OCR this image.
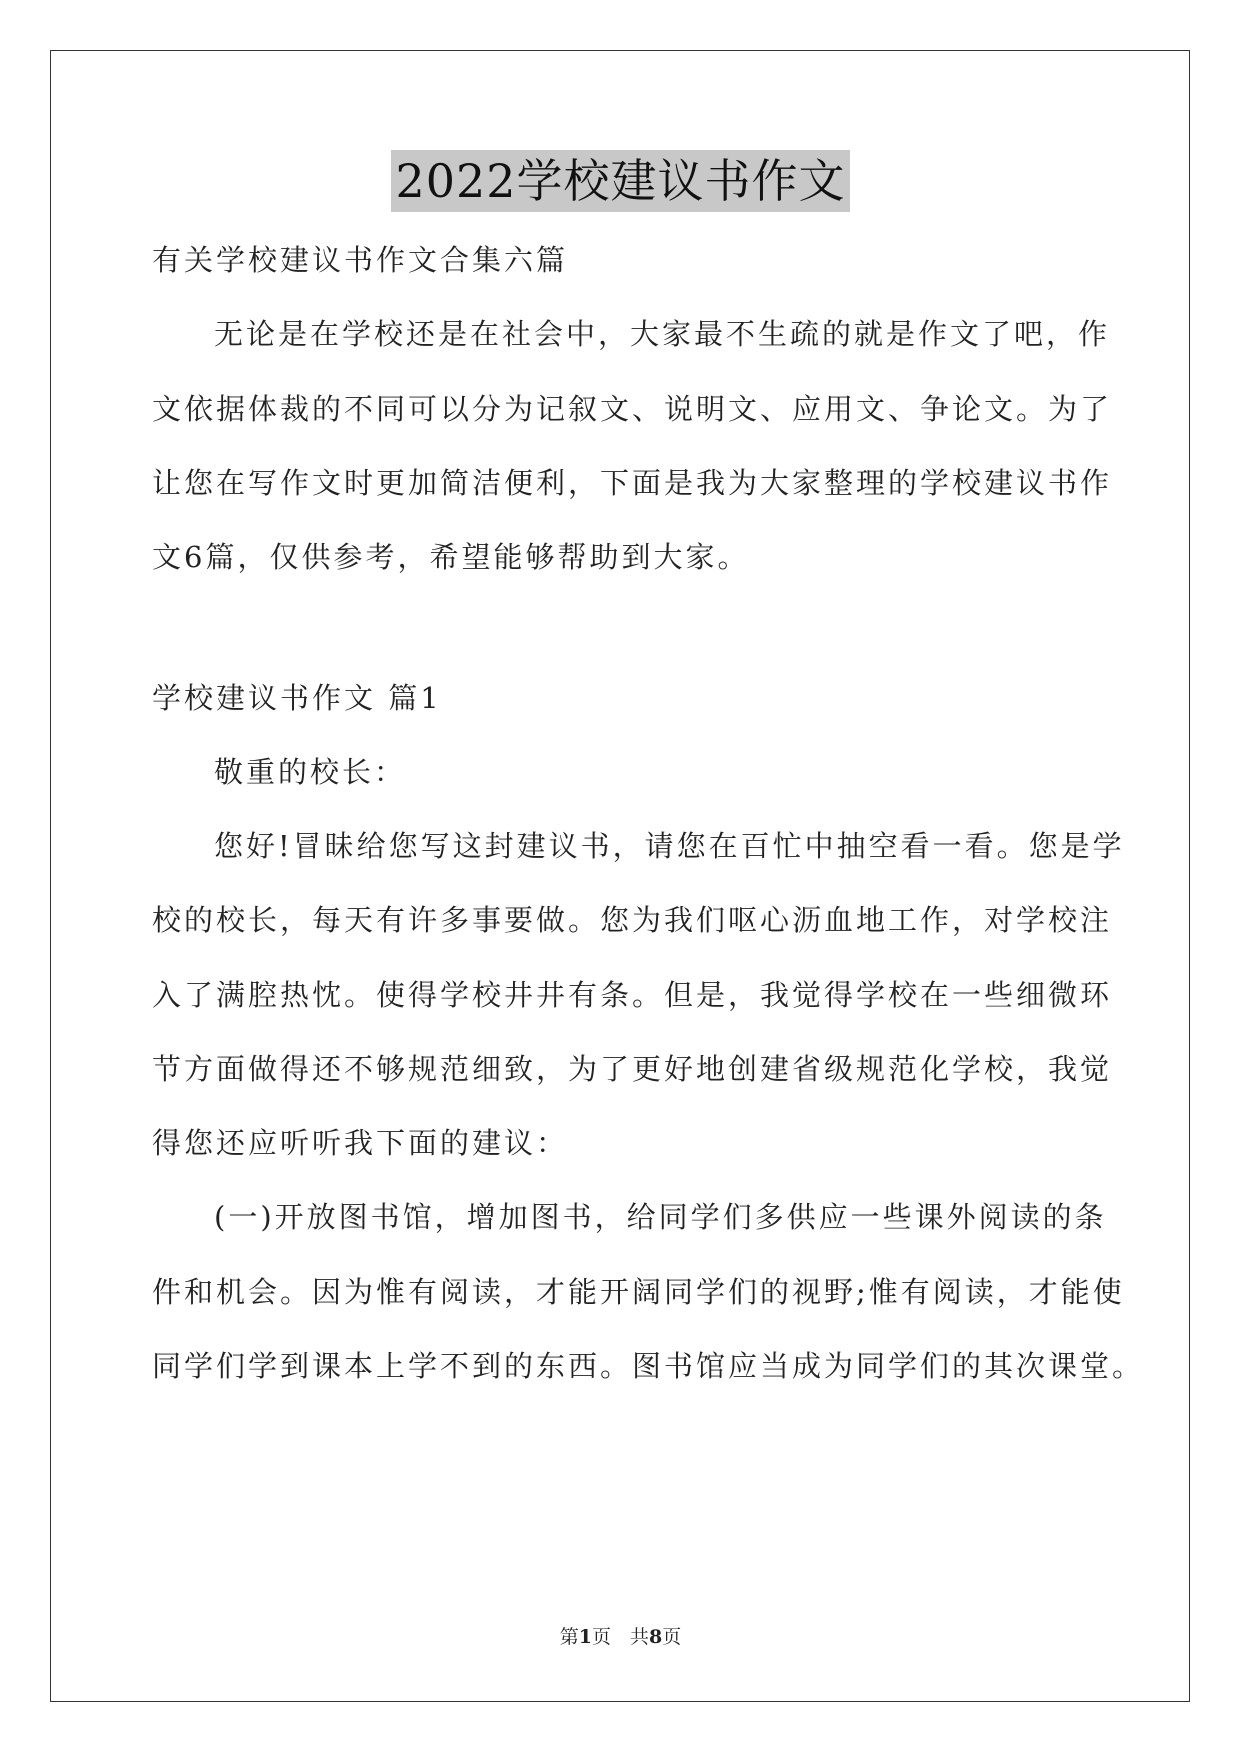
2022学校建议书作文
有关学校建议书作文合集六篇
无论是在学校还是在社会中，大家最不生疏的就是作文了吧，作
文依据体裁的不同可以分为记叙文、说明文、应用文、争论文。为了
让您在写作文时更加简洁便利，下面是我为大家整理的学校建议书作
文6篇，仅供参考，希望能够帮助到大家。
学校建议书作文 篇1
敬重的校长：
您好!冒昧给您写这封建议书，请您在百忙中抽空看一看。您是学
校的校长，每天有许多事要做。您为我们呕心沥血地工作，对学校注
入了满腔热忱。使得学校井井有条。但是，我觉得学校在一些细微环
节方面做得还不够规范细致，为了更好地创建省级规范化学校，我觉
得您还应听听我下面的建议：
(一)开放图书馆，增加图书，给同学们多供应一些课外阅读的条
件和机会。因为惟有阅读，才能开阔同学们的视野;惟有阅读，才能使
同学们学到课本上学不到的东西。图书馆应当成为同学们的其次课堂。
第1页　共8页
